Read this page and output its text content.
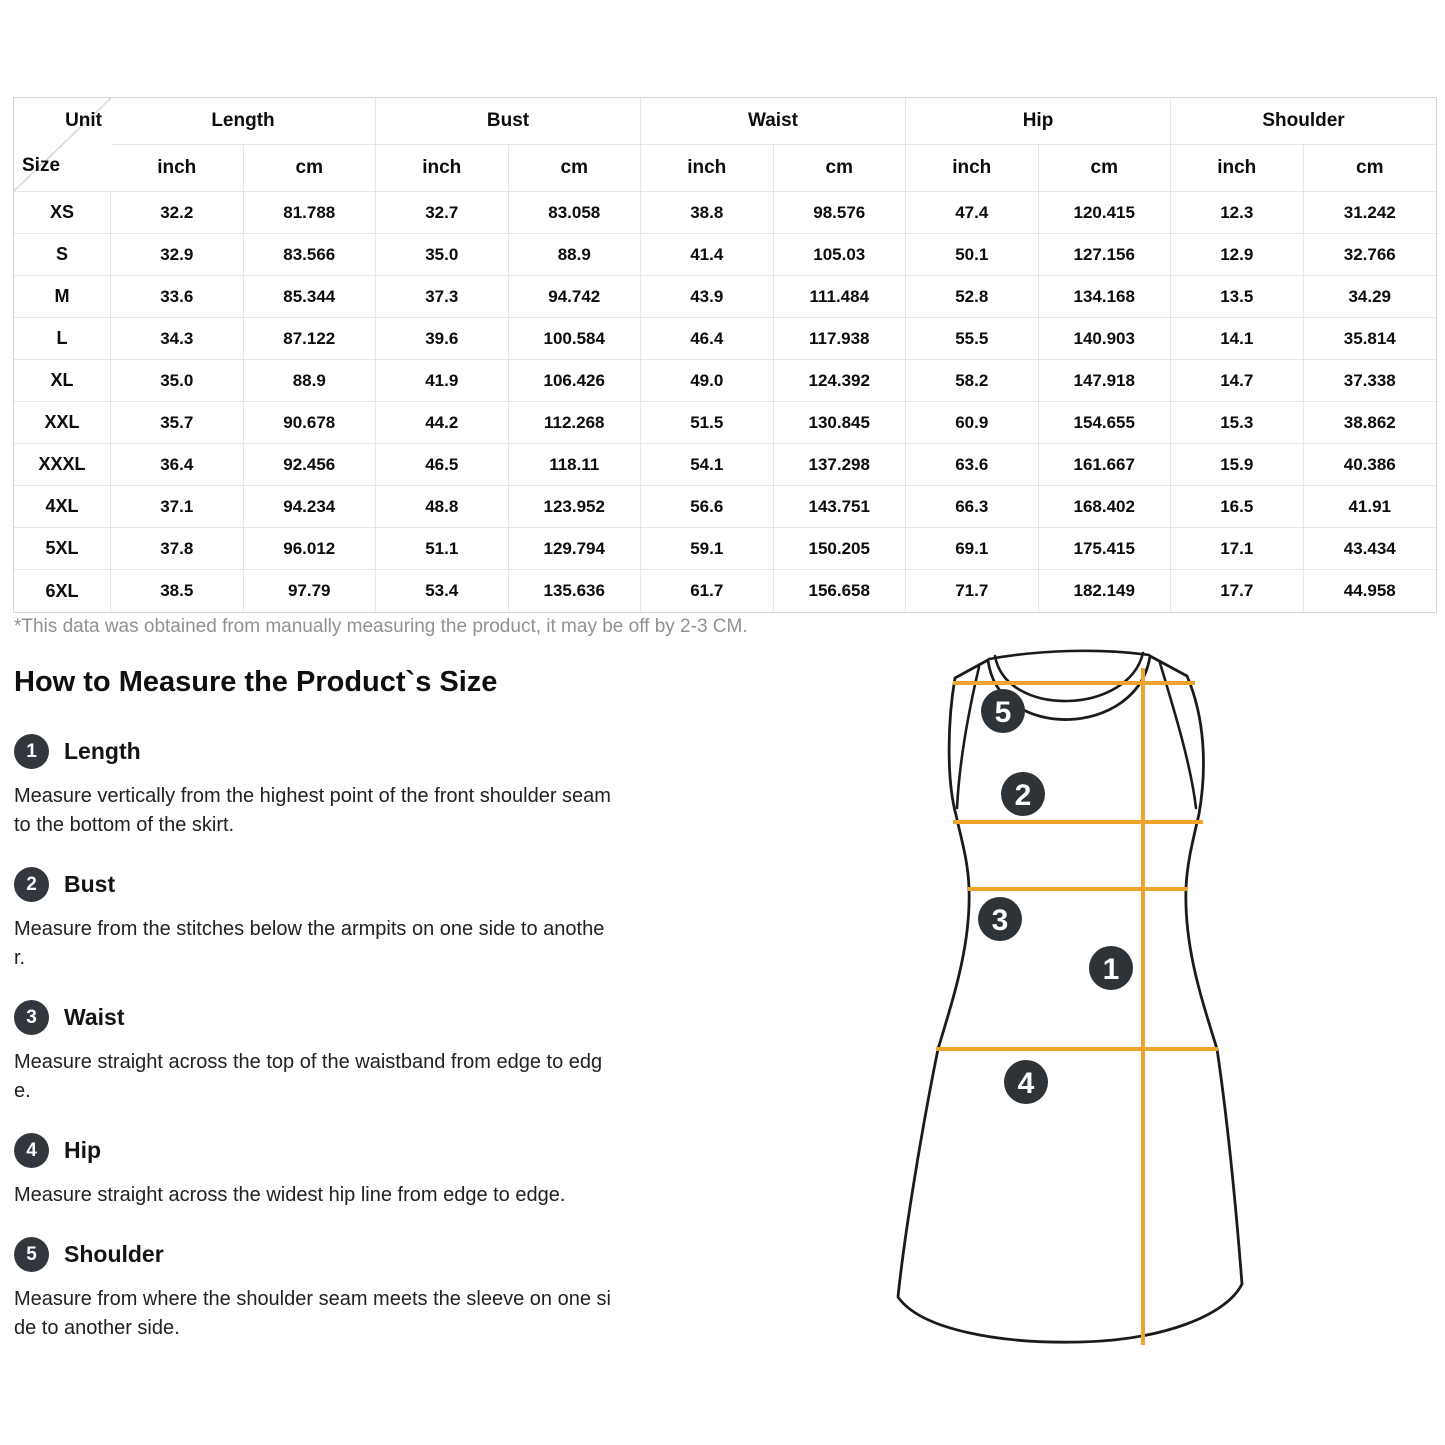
Unit
Size
Length	Bust	Waist	Hip	Shoulder
inch	cm	inch	cm	inch	cm	inch	cm	inch	cm
XS	32.2	81.788	32.7	83.058	38.8	98.576	47.4	120.415	12.3	31.242
S	32.9	83.566	35.0	88.9	41.4	105.03	50.1	127.156	12.9	32.766
M	33.6	85.344	37.3	94.742	43.9	111.484	52.8	134.168	13.5	34.29
L	34.3	87.122	39.6	100.584	46.4	117.938	55.5	140.903	14.1	35.814
XL	35.0	88.9	41.9	106.426	49.0	124.392	58.2	147.918	14.7	37.338
XXL	35.7	90.678	44.2	112.268	51.5	130.845	60.9	154.655	15.3	38.862
XXXL	36.4	92.456	46.5	118.11	54.1	137.298	63.6	161.667	15.9	40.386
4XL	37.1	94.234	48.8	123.952	56.6	143.751	66.3	168.402	16.5	41.91
5XL	37.8	96.012	51.1	129.794	59.1	150.205	69.1	175.415	17.1	43.434
6XL	38.5	97.79	53.4	135.636	61.7	156.658	71.7	182.149	17.7	44.958
*This data was obtained from manually measuring the product, it may be off by 2-3 CM.
How to Measure the Product`s Size
1	Length

Measure vertically from the highest point of the front shoulder seam to the bottom of the skirt.

2	Bust

Measure from the stitches below the armpits on one side to another.

3	Waist

Measure straight across the top of the waistband from edge to edge.

4	Hip

Measure straight across the widest hip line from edge to edge.

5	Shoulder

Measure from where the shoulder seam meets the sleeve on one side to another side.

5
2
3
1
4
